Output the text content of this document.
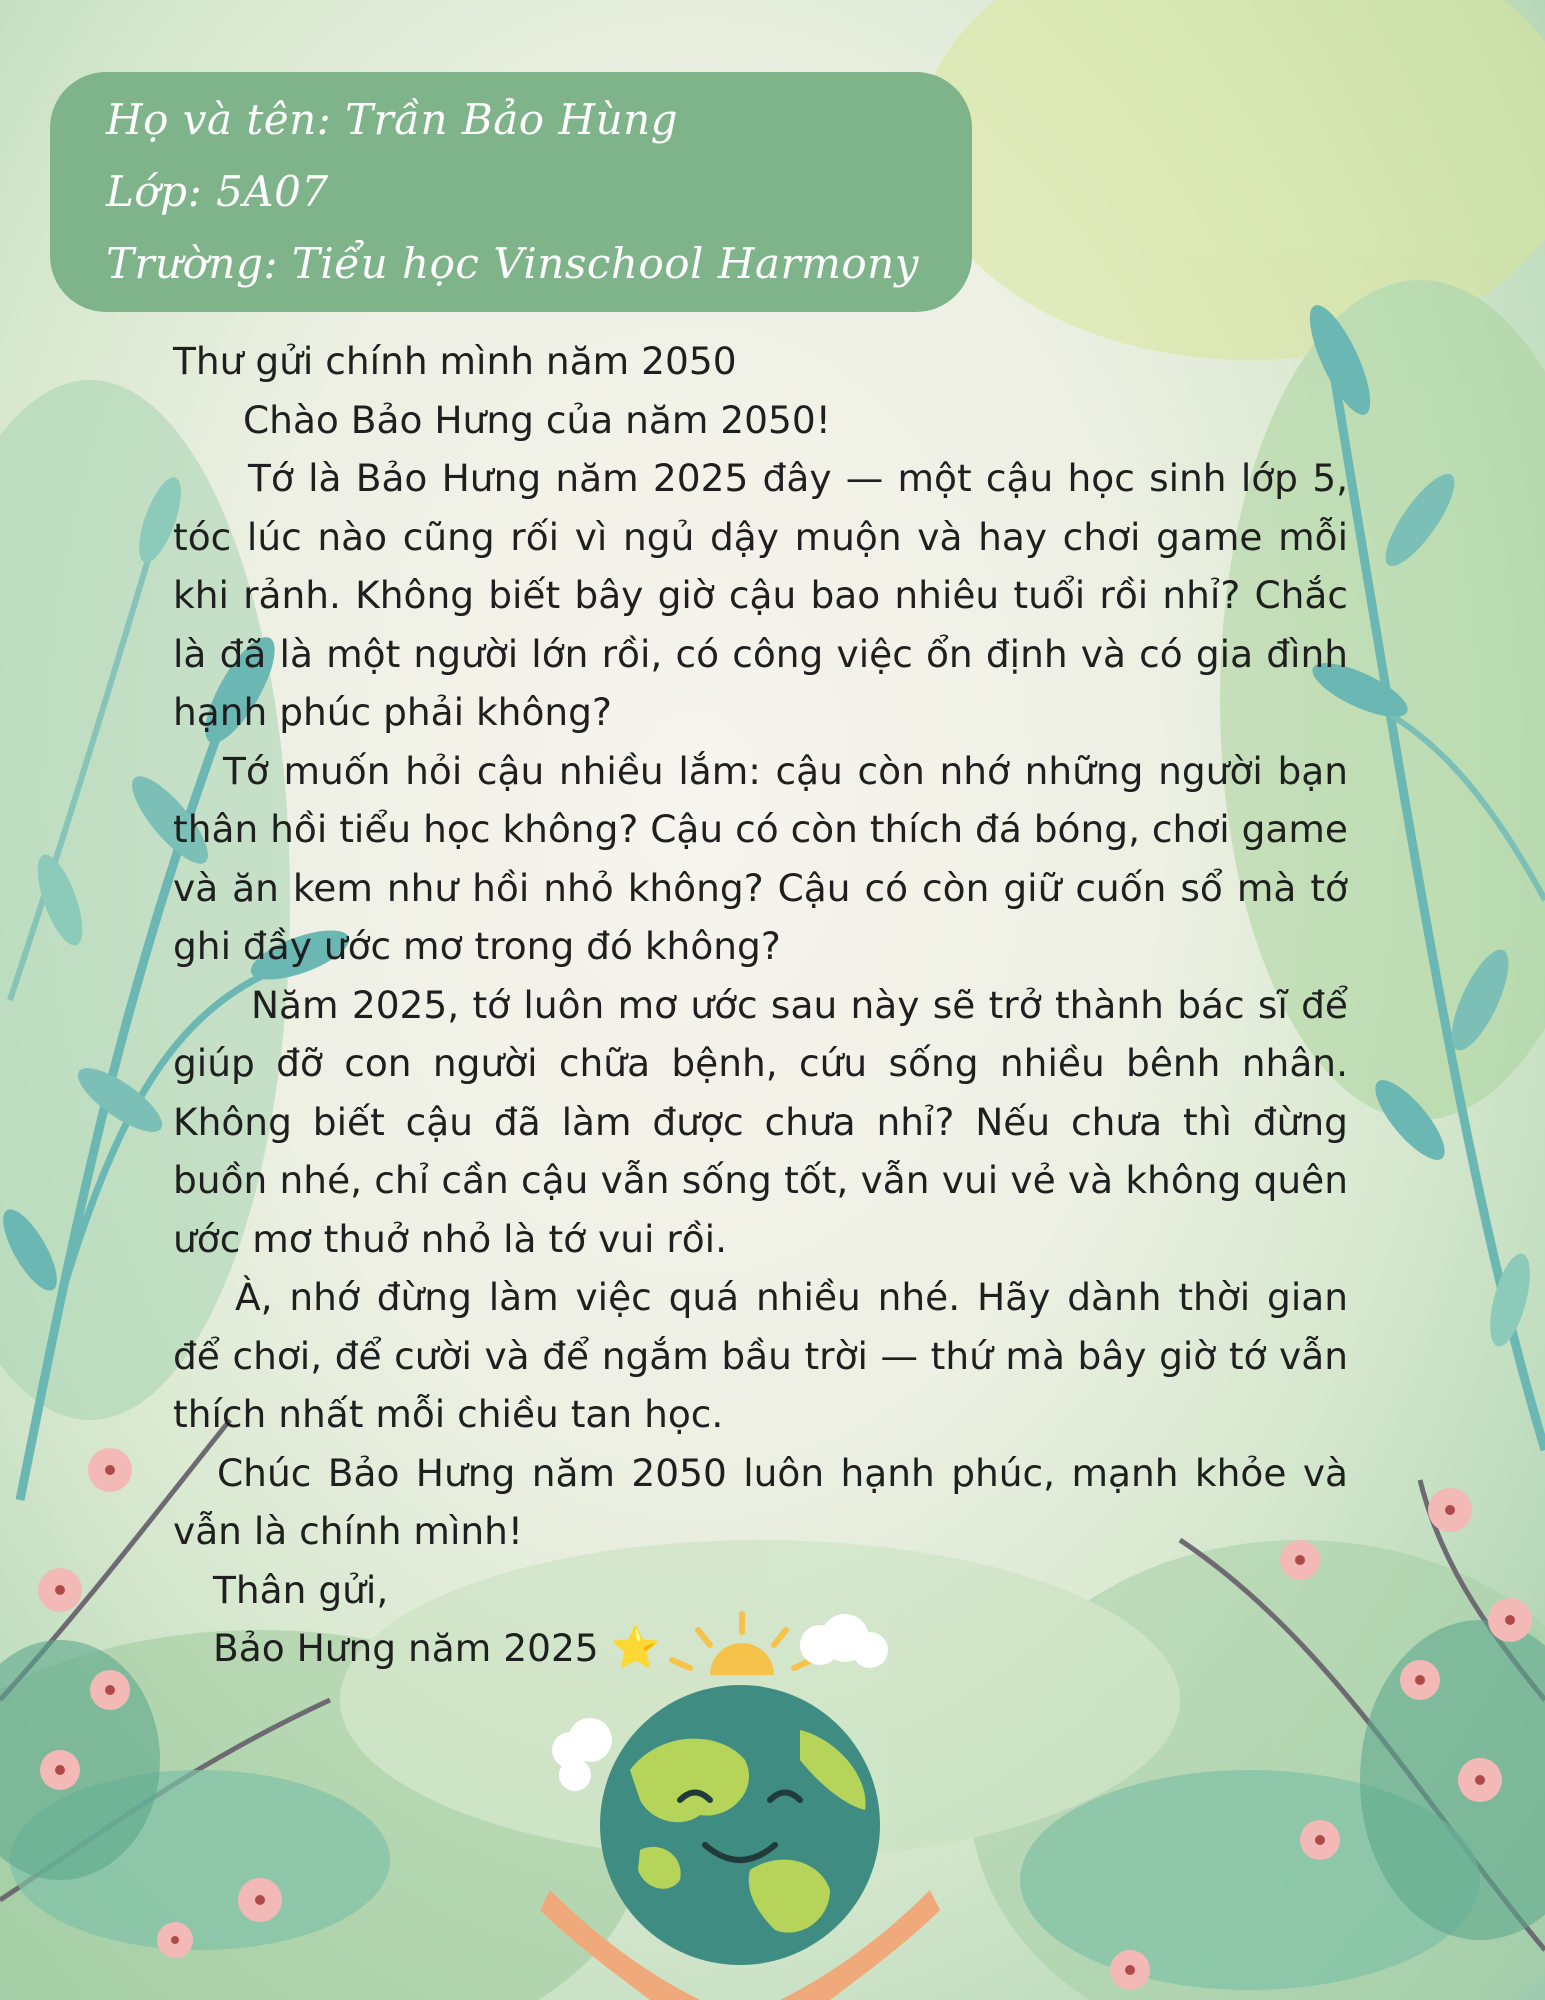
Họ và tên: Trần Bảo Hùng
Lớp: 5A07
Trường: Tiểu học Vinschool Harmony

Thư gửi chính mình năm 2050

Chào Bảo Hưng của năm 2050!

Tớ là Bảo Hưng năm 2025 đây — một cậu học sinh lớp 5, tóc lúc nào cũng rối vì ngủ dậy muộn và hay chơi game mỗi khi rảnh. Không biết bây giờ cậu bao nhiêu tuổi rồi nhỉ? Chắc là đã là một người lớn rồi, có công việc ổn định và có gia đình hạnh phúc phải không?

Tớ muốn hỏi cậu nhiều lắm: cậu còn nhớ những người bạn thân hồi tiểu học không? Cậu có còn thích đá bóng, chơi game và ăn kem như hồi nhỏ không? Cậu có còn giữ cuốn sổ mà tớ ghi đầy ước mơ trong đó không?

Năm 2025, tớ luôn mơ ước sau này sẽ trở thành bác sĩ để giúp đỡ con người chữa bệnh, cứu sống nhiều bênh nhân. Không biết cậu đã làm được chưa nhỉ? Nếu chưa thì đừng buồn nhé, chỉ cần cậu vẫn sống tốt, vẫn vui vẻ và không quên ước mơ thuở nhỏ là tớ vui rồi.

À, nhớ đừng làm việc quá nhiều nhé. Hãy dành thời gian để chơi, để cười và để ngắm bầu trời — thứ mà bây giờ tớ vẫn thích nhất mỗi chiều tan học.

Chúc Bảo Hưng năm 2050 luôn hạnh phúc, mạnh khỏe và vẫn là chính mình!

Thân gửi,

Bảo Hưng năm 2025 ⭐
